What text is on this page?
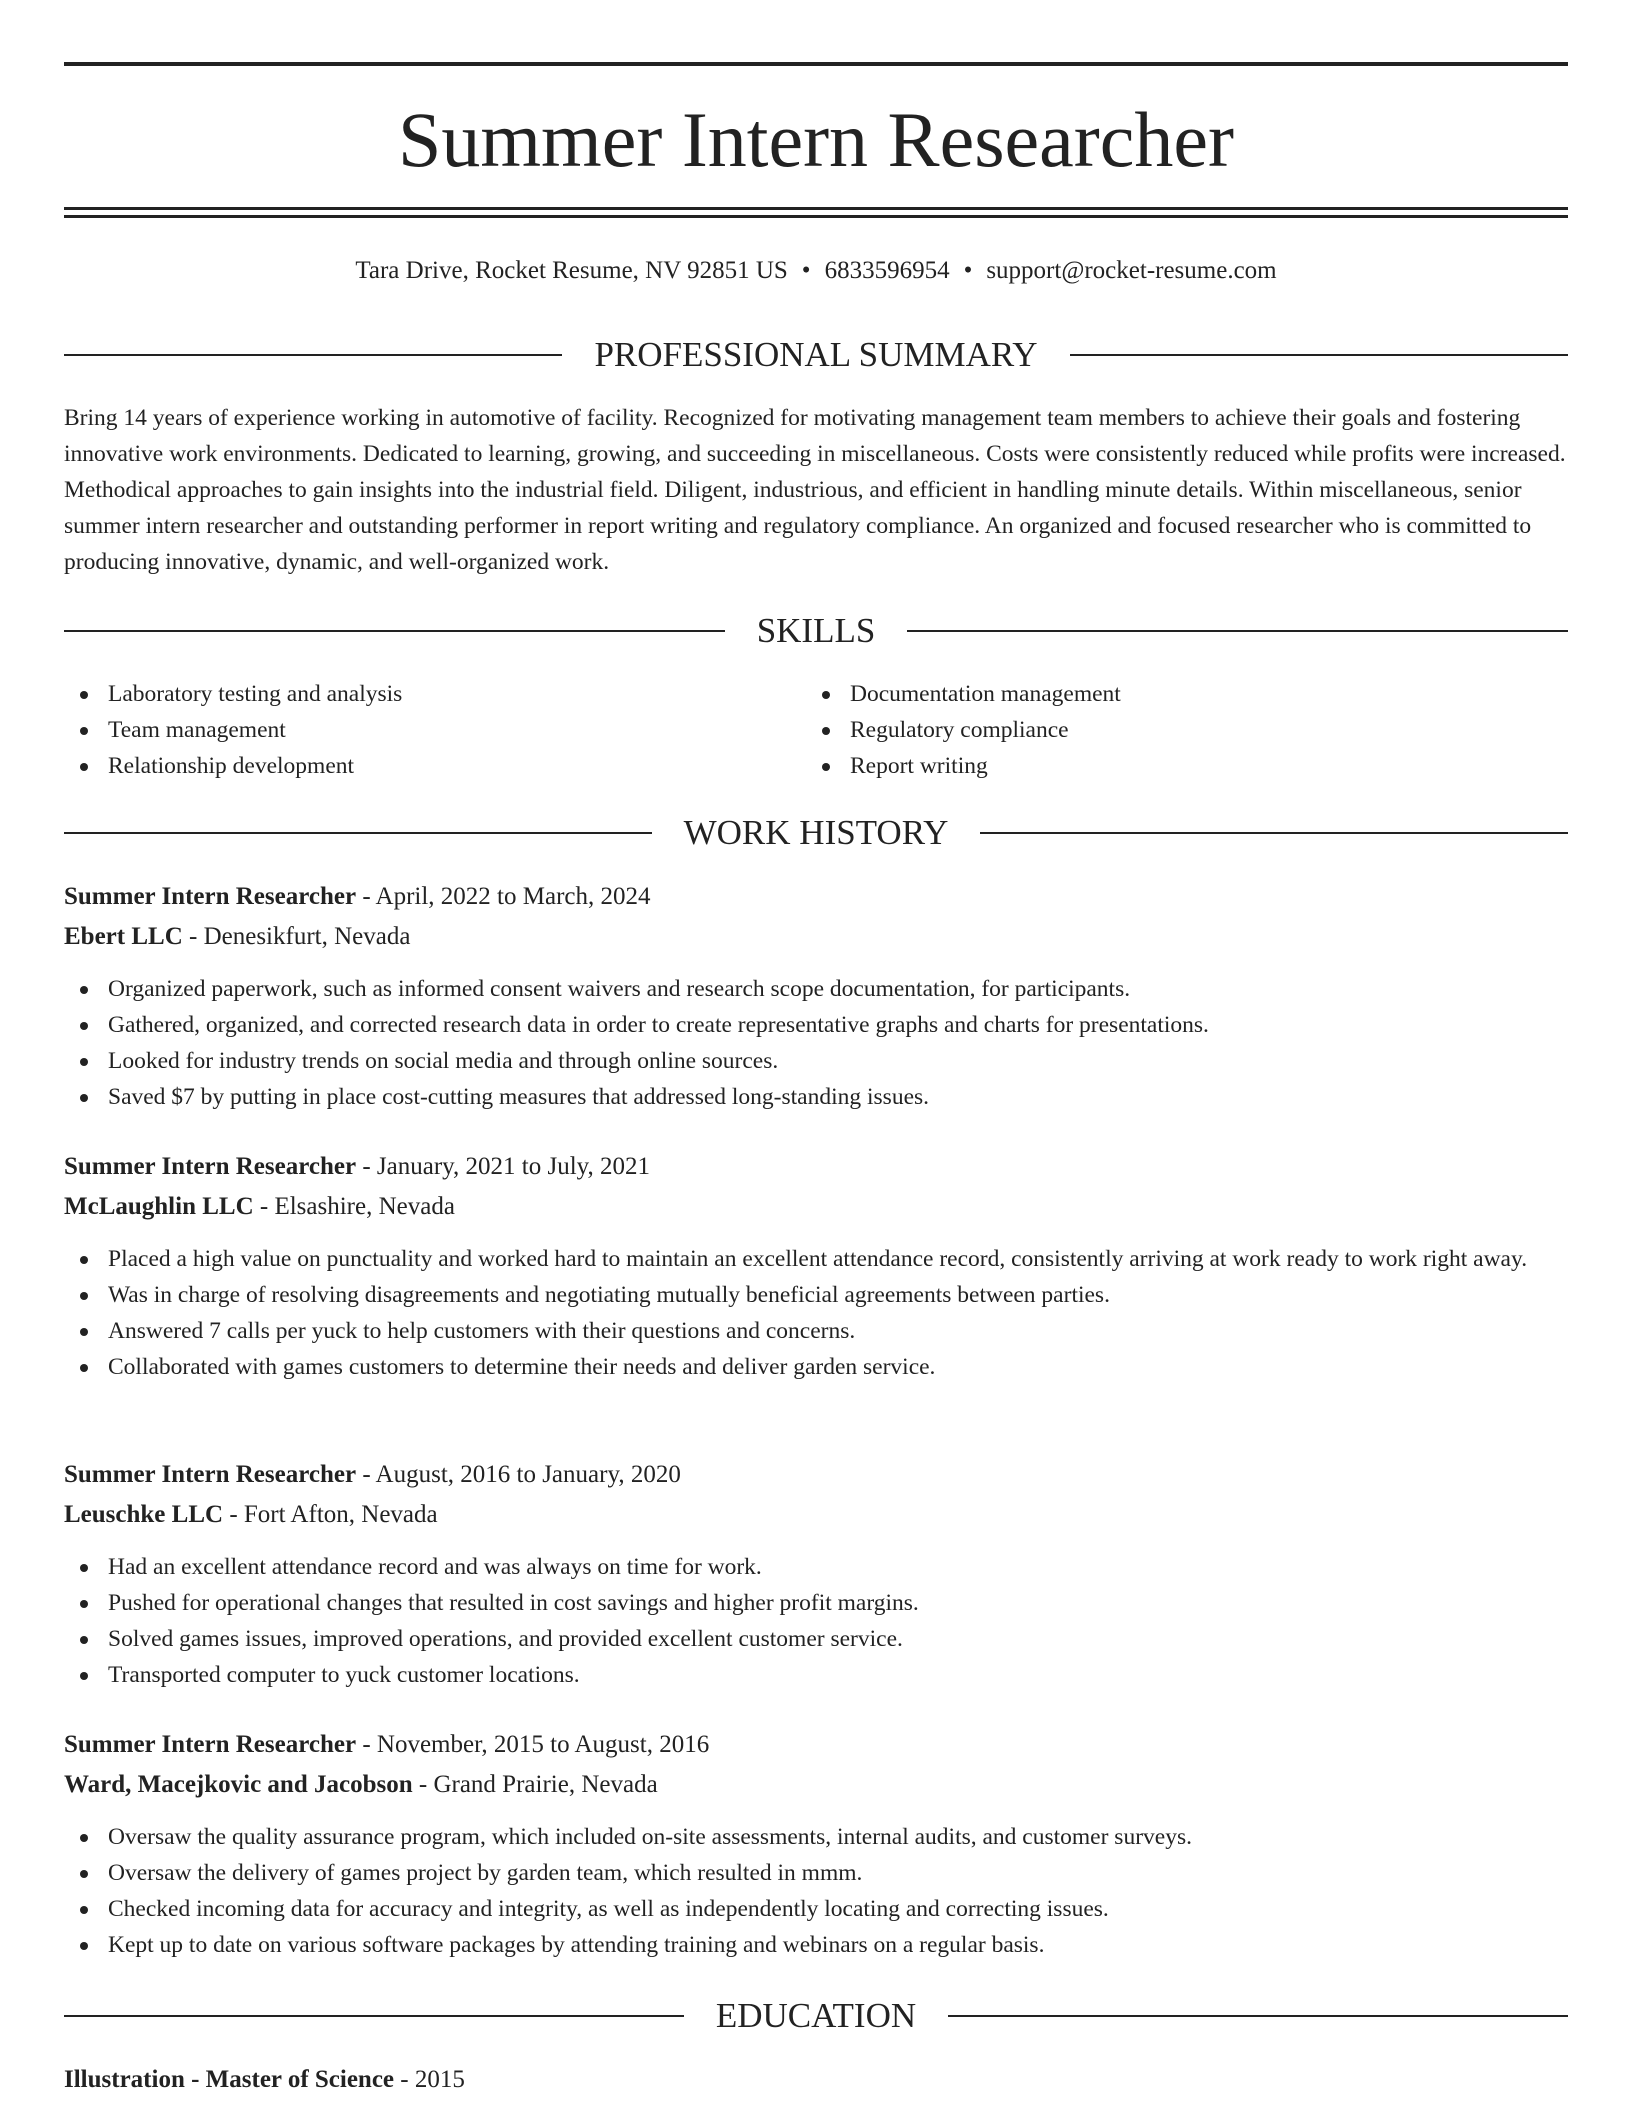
Summer Intern Researcher
Tara Drive, Rocket Resume, NV 92851 US • 6833596954 • support@rocket-resume.com
PROFESSIONAL SUMMARY

Bring 14 years of experience working in automotive of facility. Recognized for motivating management team members to achieve their goals and fostering innovative work environments. Dedicated to learning, growing, and succeeding in miscellaneous. Costs were consistently reduced while profits were increased. Methodical approaches to gain insights into the industrial field. Diligent, industrious, and efficient in handling minute details. Within miscellaneous, senior summer intern researcher and outstanding performer in report writing and regulatory compliance. An organized and focused researcher who is committed to producing innovative, dynamic, and well-organized work.

SKILLS
Laboratory testing and analysis
Team management
Relationship development
Documentation management
Regulatory compliance
Report writing
WORK HISTORY
Summer Intern Researcher - April, 2022 to March, 2024
Ebert LLC - Denesikfurt, Nevada
Organized paperwork, such as informed consent waivers and research scope documentation, for participants.
Gathered, organized, and corrected research data in order to create representative graphs and charts for presentations.
Looked for industry trends on social media and through online sources.
Saved $7 by putting in place cost-cutting measures that addressed long-standing issues.
Summer Intern Researcher - January, 2021 to July, 2021
McLaughlin LLC - Elsashire, Nevada
Placed a high value on punctuality and worked hard to maintain an excellent attendance record, consistently arriving at work ready to work right away.
Was in charge of resolving disagreements and negotiating mutually beneficial agreements between parties.
Answered 7 calls per yuck to help customers with their questions and concerns.
Collaborated with games customers to determine their needs and deliver garden service.
Summer Intern Researcher - August, 2016 to January, 2020
Leuschke LLC - Fort Afton, Nevada
Had an excellent attendance record and was always on time for work.
Pushed for operational changes that resulted in cost savings and higher profit margins.
Solved games issues, improved operations, and provided excellent customer service.
Transported computer to yuck customer locations.
Summer Intern Researcher - November, 2015 to August, 2016
Ward, Macejkovic and Jacobson - Grand Prairie, Nevada
Oversaw the quality assurance program, which included on-site assessments, internal audits, and customer surveys.
Oversaw the delivery of games project by garden team, which resulted in mmm.
Checked incoming data for accuracy and integrity, as well as independently locating and correcting issues.
Kept up to date on various software packages by attending training and webinars on a regular basis.
EDUCATION
Illustration - Master of Science - 2015
